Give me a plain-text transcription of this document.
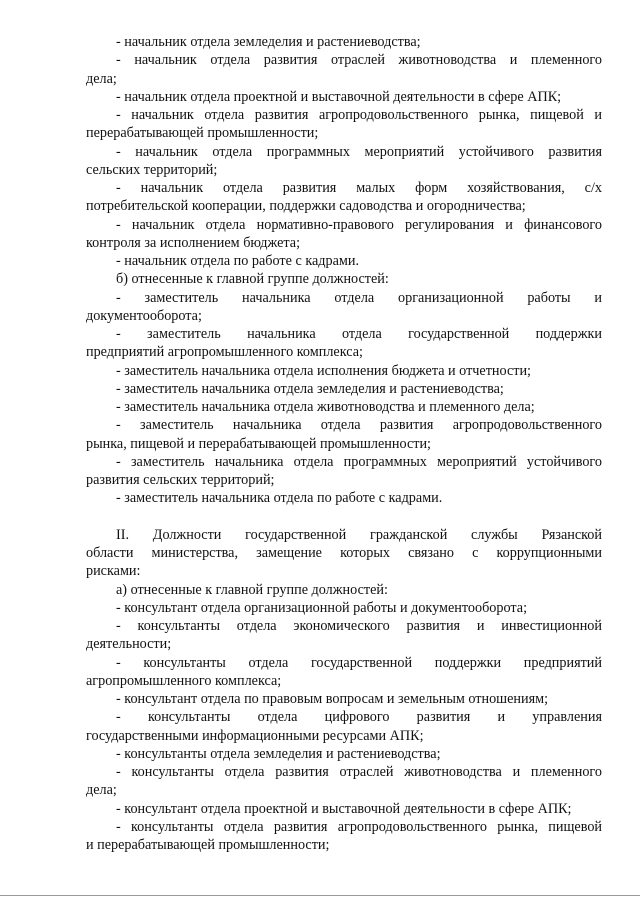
- начальник отдела земледелия и растениеводства;
- начальник отдела развития отраслей животноводства и племенного
дела;
- начальник отдела проектной и выставочной деятельности в сфере АПК;
- начальник отдела развития агропродовольственного рынка, пищевой и
перерабатывающей промышленности;
- начальник отдела программных мероприятий устойчивого развития
сельских территорий;
- начальник отдела развития малых форм хозяйствования, с/х
потребительской кооперации, поддержки садоводства и огородничества;
- начальник отдела нормативно-правового регулирования и финансового
контроля за исполнением бюджета;
- начальник отдела по работе с кадрами.
б) отнесенные к главной группе должностей:
- заместитель начальника отдела организационной работы и
документооборота;
- заместитель начальника отдела государственной поддержки
предприятий агропромышленного комплекса;
- заместитель начальника отдела исполнения бюджета и отчетности;
- заместитель начальника отдела земледелия и растениеводства;
- заместитель начальника отдела животноводства и племенного дела;
- заместитель начальника отдела развития агропродовольственного
рынка, пищевой и перерабатывающей промышленности;
- заместитель начальника отдела программных мероприятий устойчивого
развития сельских территорий;
- заместитель начальника отдела по работе с кадрами.
II. Должности государственной гражданской службы Рязанской
области министерства, замещение которых связано с коррупционными
рисками:
а) отнесенные к главной группе должностей:
- консультант отдела организационной работы и документооборота;
- консультанты отдела экономического развития и инвестиционной
деятельности;
- консультанты отдела государственной поддержки предприятий
агропромышленного комплекса;
- консультант отдела по правовым вопросам и земельным отношениям;
- консультанты отдела цифрового развития и управления
государственными информационными ресурсами АПК;
- консультанты отдела земледелия и растениеводства;
- консультанты отдела развития отраслей животноводства и племенного
дела;
- консультант отдела проектной и выставочной деятельности в сфере АПК;
- консультанты отдела развития агропродовольственного рынка, пищевой
и перерабатывающей промышленности;
